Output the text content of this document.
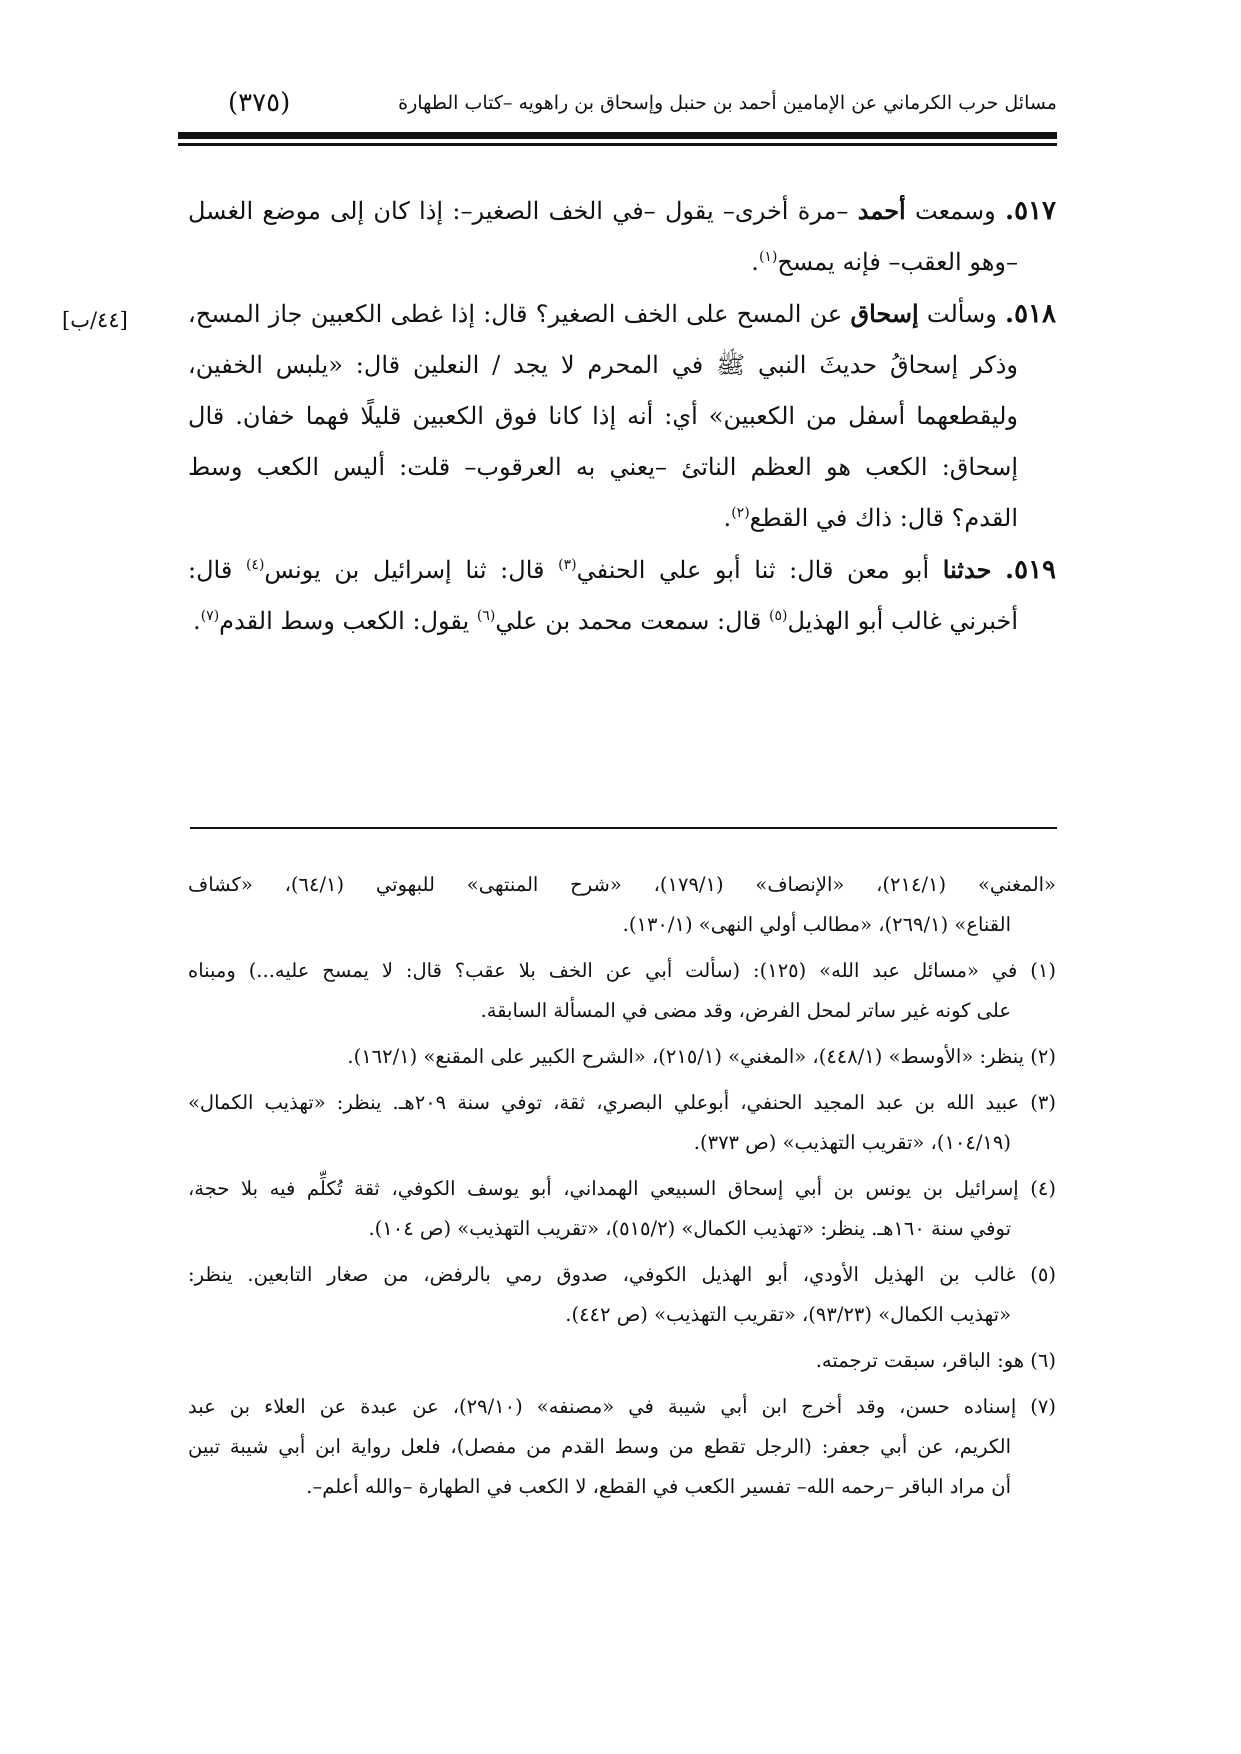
مسائل حرب الكرماني عن الإمامين أحمد بن حنبل وإسحاق بن راهويه –كتاب الطهارة
(٣٧٥)
[٤٤/ب]
٥١٧. وسمعت أحمد –مرة أخرى– يقول –في الخف الصغير–: إذا كان إلى موضع الغسل
–وهو العقب– فإنه يمسح$^{(١)}$.
٥١٨. وسألت إسحاق عن المسح على الخف الصغير؟ قال: إذا غطى الكعبين جاز المسح،
وذكر إسحاقُ حديثَ النبي ﷺ في المحرم لا يجد / النعلين قال: «يلبس الخفين،
وليقطعهما أسفل من الكعبين» أي: أنه إذا كانا فوق الكعبين قليلًا فهما خفان. قال
إسحاق: الكعب هو العظم الناتئ –يعني به العرقوب– قلت: أليس الكعب وسط
القدم؟ قال: ذاك في القطع$^{(٢)}$.
٥١٩. حدثنا أبو معن قال: ثنا أبو علي الحنفي$^{(٣)}$ قال: ثنا إسرائيل بن يونس$^{(٤)}$ قال:
أخبرني غالب أبو الهذيل$^{(٥)}$ قال: سمعت محمد بن علي$^{(٦)}$ يقول: الكعب وسط القدم$^{(٧)}$.
«المغني» (٢١٤/١)، «الإنصاف» (١٧٩/١)، «شرح المنتهى» للبهوتي (٦٤/١)، «كشاف
القناع» (٢٦٩/١)، «مطالب أولي النهى» (١٣٠/١).
(١) في «مسائل عبد الله» (١٢٥): (سألت أبي عن الخف بلا عقب؟ قال: لا يمسح عليه...) ومبناه
على كونه غير ساتر لمحل الفرض، وقد مضى في المسألة السابقة.
(٢) ينظر: «الأوسط» (٤٤٨/١)، «المغني» (٢١٥/١)، «الشرح الكبير على المقنع» (١٦٢/١).
(٣) عبيد الله بن عبد المجيد الحنفي، أبوعلي البصري، ثقة، توفي سنة ٢٠٩هـ. ينظر: «تهذيب الكمال»
(١٠٤/١٩)، «تقريب التهذيب» (ص ٣٧٣).
(٤) إسرائيل بن يونس بن أبي إسحاق السبيعي الهمداني، أبو يوسف الكوفي، ثقة تُكلِّم فيه بلا حجة،
توفي سنة ١٦٠هـ. ينظر: «تهذيب الكمال» (٥١٥/٢)، «تقريب التهذيب» (ص ١٠٤).
(٥) غالب بن الهذيل الأودي، أبو الهذيل الكوفي، صدوق رمي بالرفض، من صغار التابعين. ينظر:
«تهذيب الكمال» (٩٣/٢٣)، «تقريب التهذيب» (ص ٤٤٢).
(٦) هو: الباقر، سبقت ترجمته.
(٧) إسناده حسن، وقد أخرج ابن أبي شيبة في «مصنفه» (٢٩/١٠)، عن عبدة عن العلاء بن عبد
الكريم، عن أبي جعفر: (الرجل تقطع من وسط القدم من مفصل)، فلعل رواية ابن أبي شيبة تبين
أن مراد الباقر –رحمه الله– تفسير الكعب في القطع، لا الكعب في الطهارة –والله أعلم–.
